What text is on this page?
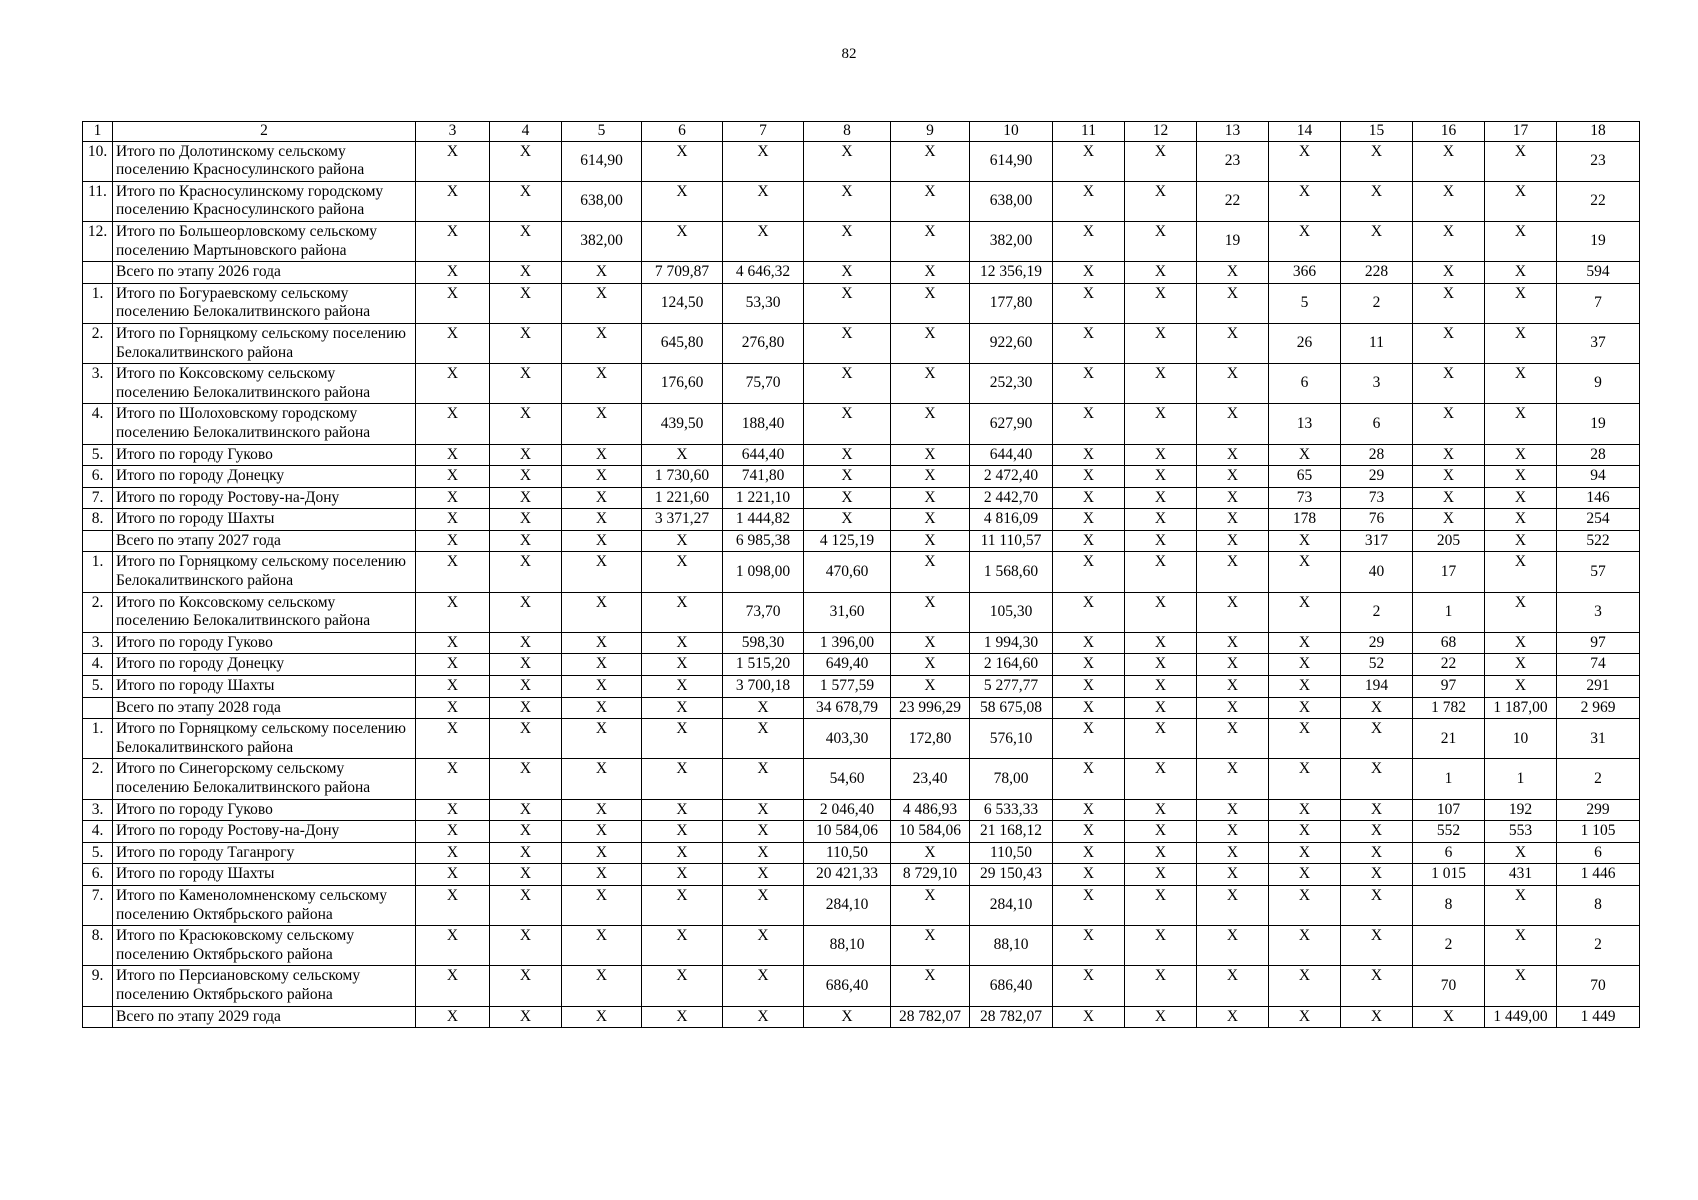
82
1	2	3	4	5	6	7	8	9	10	11	12	13	14	15	16	17	18
10.	Итого по Долотинскому сельскому поселению Красносулинского района	X	X	614,90	X	X	X	X	614,90	X	X	23	X	X	X	X	23
11.	Итого по Красносулинскому городскому поселению Красносулинского района	X	X	638,00	X	X	X	X	638,00	X	X	22	X	X	X	X	22
12.	Итого по Большеорловскому сельскому поселению Мартыновского района	X	X	382,00	X	X	X	X	382,00	X	X	19	X	X	X	X	19
	Всего по этапу 2026 года	X	X	X	7 709,87	4 646,32	X	X	12 356,19	X	X	X	366	228	X	X	594
1.	Итого по Богураевскому сельскому поселению Белокалитвинского района	X	X	X	124,50	53,30	X	X	177,80	X	X	X	5	2	X	X	7
2.	Итого по Горняцкому сельскому поселению Белокалитвинского района	X	X	X	645,80	276,80	X	X	922,60	X	X	X	26	11	X	X	37
3.	Итого по Коксовскому сельскому поселению Белокалитвинского района	X	X	X	176,60	75,70	X	X	252,30	X	X	X	6	3	X	X	9
4.	Итого по Шолоховскому городскому поселению Белокалитвинского района	X	X	X	439,50	188,40	X	X	627,90	X	X	X	13	6	X	X	19
5.	Итого по городу Гуково	X	X	X	X	644,40	X	X	644,40	X	X	X	X	28	X	X	28
6.	Итого по городу Донецку	X	X	X	1 730,60	741,80	X	X	2 472,40	X	X	X	65	29	X	X	94
7.	Итого по городу Ростову-на-Дону	X	X	X	1 221,60	1 221,10	X	X	2 442,70	X	X	X	73	73	X	X	146
8.	Итого по городу Шахты	X	X	X	3 371,27	1 444,82	X	X	4 816,09	X	X	X	178	76	X	X	254
	Всего по этапу 2027 года	X	X	X	X	6 985,38	4 125,19	X	11 110,57	X	X	X	X	317	205	X	522
1.	Итого по Горняцкому сельскому поселению Белокалитвинского района	X	X	X	X	1 098,00	470,60	X	1 568,60	X	X	X	X	40	17	X	57
2.	Итого по Коксовскому сельскому поселению Белокалитвинского района	X	X	X	X	73,70	31,60	X	105,30	X	X	X	X	2	1	X	3
3.	Итого по городу Гуково	X	X	X	X	598,30	1 396,00	X	1 994,30	X	X	X	X	29	68	X	97
4.	Итого по городу Донецку	X	X	X	X	1 515,20	649,40	X	2 164,60	X	X	X	X	52	22	X	74
5.	Итого по городу Шахты	X	X	X	X	3 700,18	1 577,59	X	5 277,77	X	X	X	X	194	97	X	291
	Всего по этапу 2028 года	X	X	X	X	X	34 678,79	23 996,29	58 675,08	X	X	X	X	X	1 782	1 187,00	2 969
1.	Итого по Горняцкому сельскому поселению Белокалитвинского района	X	X	X	X	X	403,30	172,80	576,10	X	X	X	X	X	21	10	31
2.	Итого по Синегорскому сельскому поселению Белокалитвинского района	X	X	X	X	X	54,60	23,40	78,00	X	X	X	X	X	1	1	2
3.	Итого по городу Гуково	X	X	X	X	X	2 046,40	4 486,93	6 533,33	X	X	X	X	X	107	192	299
4.	Итого по городу Ростову-на-Дону	X	X	X	X	X	10 584,06	10 584,06	21 168,12	X	X	X	X	X	552	553	1 105
5.	Итого по городу Таганрогу	X	X	X	X	X	110,50	X	110,50	X	X	X	X	X	6	X	6
6.	Итого по городу Шахты	X	X	X	X	X	20 421,33	8 729,10	29 150,43	X	X	X	X	X	1 015	431	1 446
7.	Итого по Каменоломненскому сельскому поселению Октябрьского района	X	X	X	X	X	284,10	X	284,10	X	X	X	X	X	8	X	8
8.	Итого по Красюковскому сельскому поселению Октябрьского района	X	X	X	X	X	88,10	X	88,10	X	X	X	X	X	2	X	2
9.	Итого по Персиановскому сельскому поселению Октябрьского района	X	X	X	X	X	686,40	X	686,40	X	X	X	X	X	70	X	70
	Всего по этапу 2029 года	X	X	X	X	X	X	28 782,07	28 782,07	X	X	X	X	X	X	1 449,00	1 449
